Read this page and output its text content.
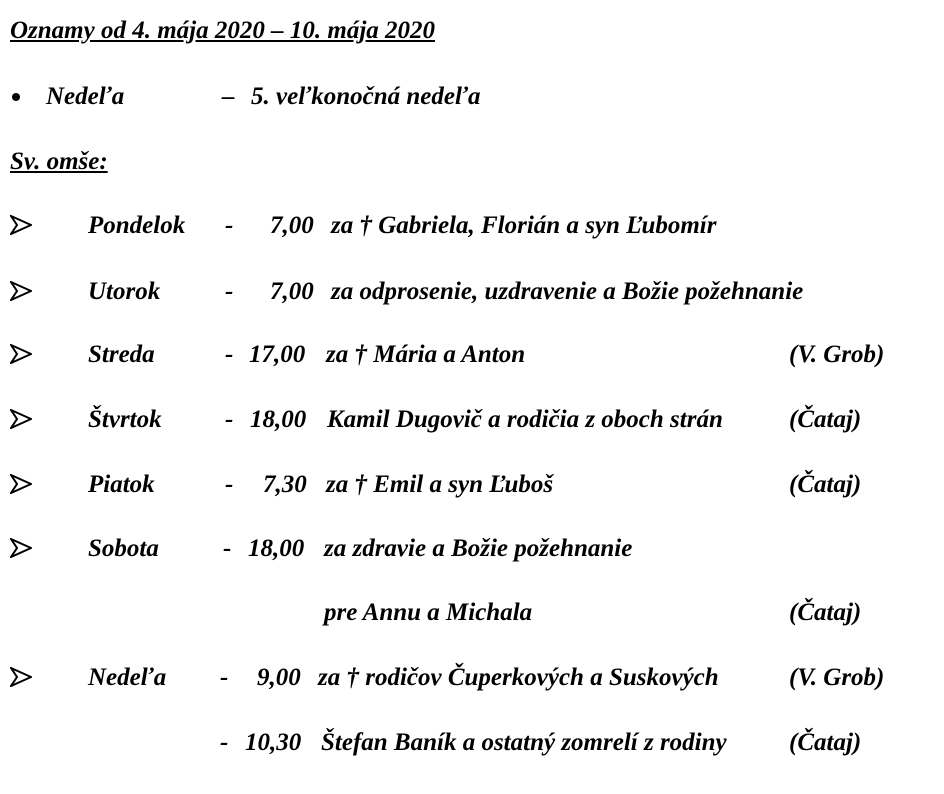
Oznamy od 4. mája 2020 – 10. mája 2020
Nedeľa	– 5. veľkonočná nedeľa
Sv. omše:
Pondelok - 7,00 za † Gabriela, Florián a syn Ľubomír
Utorok	- 7,00 za odprosenie, uzdravenie a Božie požehnanie
Streda	- 17,00 za † Mária a Anton	(V. Grob)
Štvrtok	- 18,00 Kamil Dugovič a rodičia z oboch strán	(Čataj)
Piatok	- 7,30 za † Emil a syn Ľuboš	(Čataj)
Sobota	- 18,00 za zdravie a Božie požehnanie
pre Annu a Michala	(Čataj)
Nedeľa - 9,00 za † rodičov Čuperkových a Suskových	(V. Grob)
- 10,30 Štefan Baník a ostatný zomrelí z rodiny (Čataj)
